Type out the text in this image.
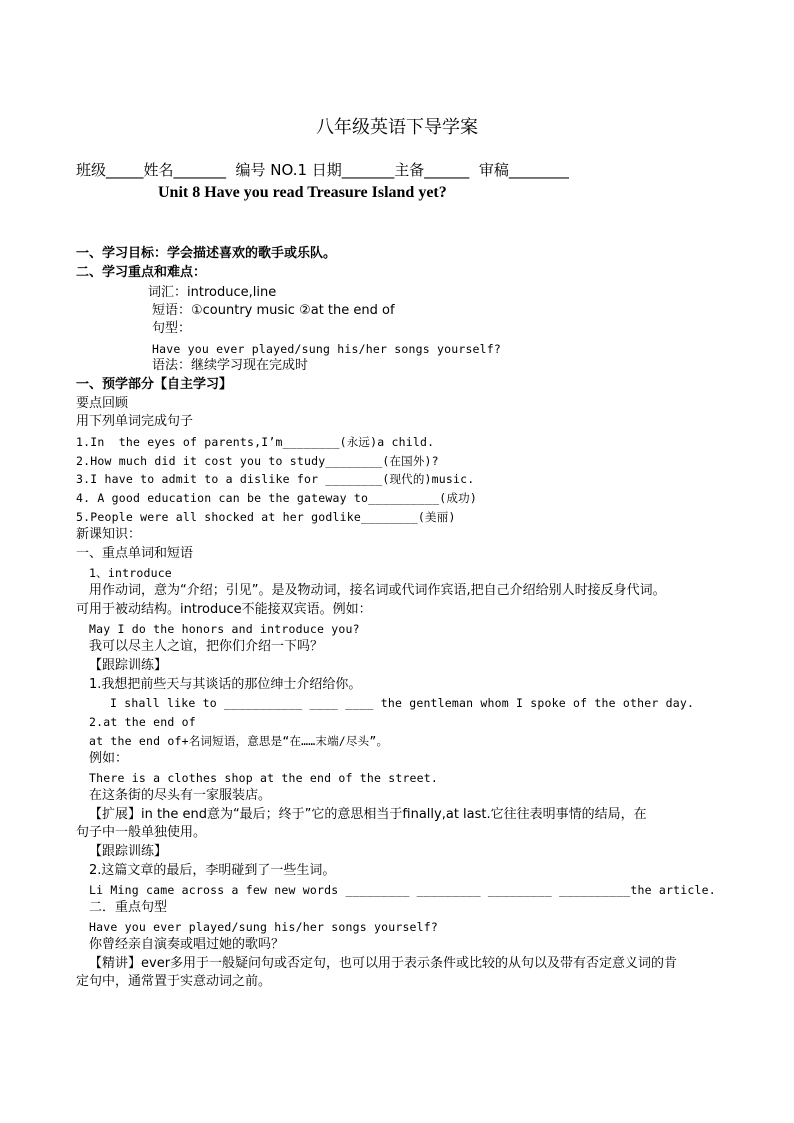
八年级英语下导学案
班级_____姓名_______  编号 NO.1 日期_______主备______  审稿________
Unit 8 Have you read Treasure Island yet?
一、学习目标：学会描述喜欢的歌手或乐队。
二、学习重点和难点：
词汇：introduce,line
短语：①country music ②at the end of
句型：
Have you ever played/sung his/her songs yourself?
语法：继续学习现在完成时
一、预学部分【自主学习】
要点回顾
用下列单词完成句子
1.In  the eyes of parents,I’m________(永远)a child.
2.How much did it cost you to study________(在国外)?
3.I have to admit to a dislike for ________(现代的)music.
4. A good education can be the gateway to__________(成功)
5.People were all shocked at her godlike________(美丽)
新课知识：
一、重点单词和短语
1、introduce
用作动词，意为“介绍；引见”。是及物动词，接名词或代词作宾语,把自己介绍给别人时接反身代词。
可用于被动结构。introduce不能接双宾语。例如：
May I do the honors and introduce you?
我可以尽主人之谊，把你们介绍一下吗？
【跟踪训练】
1.我想把前些天与其谈话的那位绅士介绍给你。
I shall like to ___________ ____ ____ the gentleman whom I spoke of the other day.
2.at the end of
at the end of+名词短语，意思是“在……末端/尽头”。
例如：
There is a clothes shop at the end of the street.
在这条街的尽头有一家服装店。
【扩展】in the end意为“最后；终于”它的意思相当于finally,at last.它往往表明事情的结局，在
句子中一般单独使用。
【跟踪训练】
2.这篇文章的最后，李明碰到了一些生词。
Li Ming came across a few new words _________ _________ _________ __________the article.
二．重点句型
Have you ever played/sung his/her songs yourself?
你曾经亲自演奏或唱过她的歌吗？
【精讲】ever多用于一般疑问句或否定句，也可以用于表示条件或比较的从句以及带有否定意义词的肯
定句中，通常置于实意动词之前。
